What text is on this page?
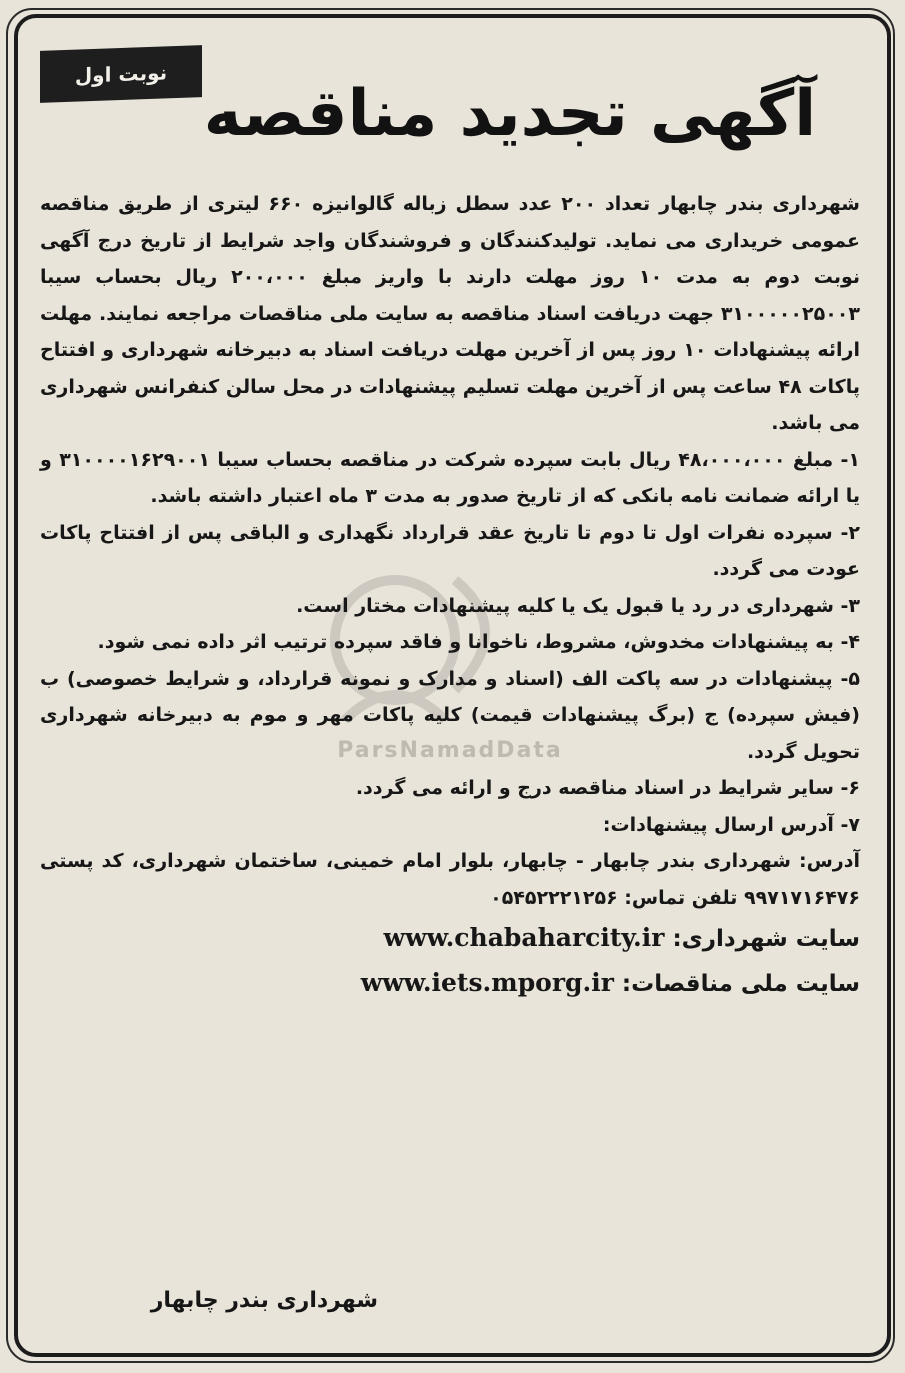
نوبت اول
آگهی تجدید مناقصه
ParsNamadData

شهرداری بندر چابهار تعداد ۲۰۰ عدد سطل زباله گالوانیزه ۶۶۰ لیتری از طریق مناقصه عمومی خریداری می نماید. تولیدکنندگان و فروشندگان واجد شرایط از تاریخ درج آگهی نوبت دوم به مدت ۱۰ روز مهلت دارند با واریز مبلغ ۲۰۰،۰۰۰ ریال بحساب سیبا ۳۱۰۰۰۰۰۲۵۰۰۳ جهت دریافت اسناد مناقصه به سایت ملی مناقصات مراجعه نمایند. مهلت ارائه پیشنهادات ۱۰ روز پس از آخرین مهلت دریافت اسناد به دبیرخانه شهرداری و افتتاح پاکات ۴۸ ساعت پس از آخرین مهلت تسلیم پیشنهادات در محل سالن کنفرانس شهرداری می باشد.

۱- مبلغ ۴۸،۰۰۰،۰۰۰ ریال بابت سپرده شرکت در مناقصه بحساب سیبا ۳۱۰۰۰۰۱۶۲۹۰۰۱ و یا ارائه ضمانت نامه بانکی که از تاریخ صدور به مدت ۳ ماه اعتبار داشته باشد.

۲- سپرده نفرات اول تا دوم تا تاریخ عقد قرارداد نگهداری و الباقی پس از افتتاح پاکات عودت می گردد.

۳- شهرداری در رد یا قبول یک یا کلیه پیشنهادات مختار است.

۴- به پیشنهادات مخدوش، مشروط، ناخوانا و فاقد سپرده ترتیب اثر داده نمی شود.

۵- پیشنهادات در سه پاکت الف (اسناد و مدارک و نمونه قرارداد، و شرایط خصوصی) ب (فیش سپرده) ج (برگ پیشنهادات قیمت) کلیه پاکات مهر و موم به دبیرخانه شهرداری تحویل گردد.

۶- سایر شرایط در اسناد مناقصه درج و ارائه می گردد.

۷- آدرس ارسال پیشنهادات:

آدرس: شهرداری بندر چابهار - چابهار، بلوار امام خمینی، ساختمان شهرداری، کد پستی ۹۹۷۱۷۱۶۴۷۶ تلفن تماس: ۰۵۴۵۲۲۲۱۲۵۶

سایت شهرداری: www.chabaharcity.ir

سایت ملی مناقصات: www.iets.mporg.ir

شهرداری بندر چابهار
